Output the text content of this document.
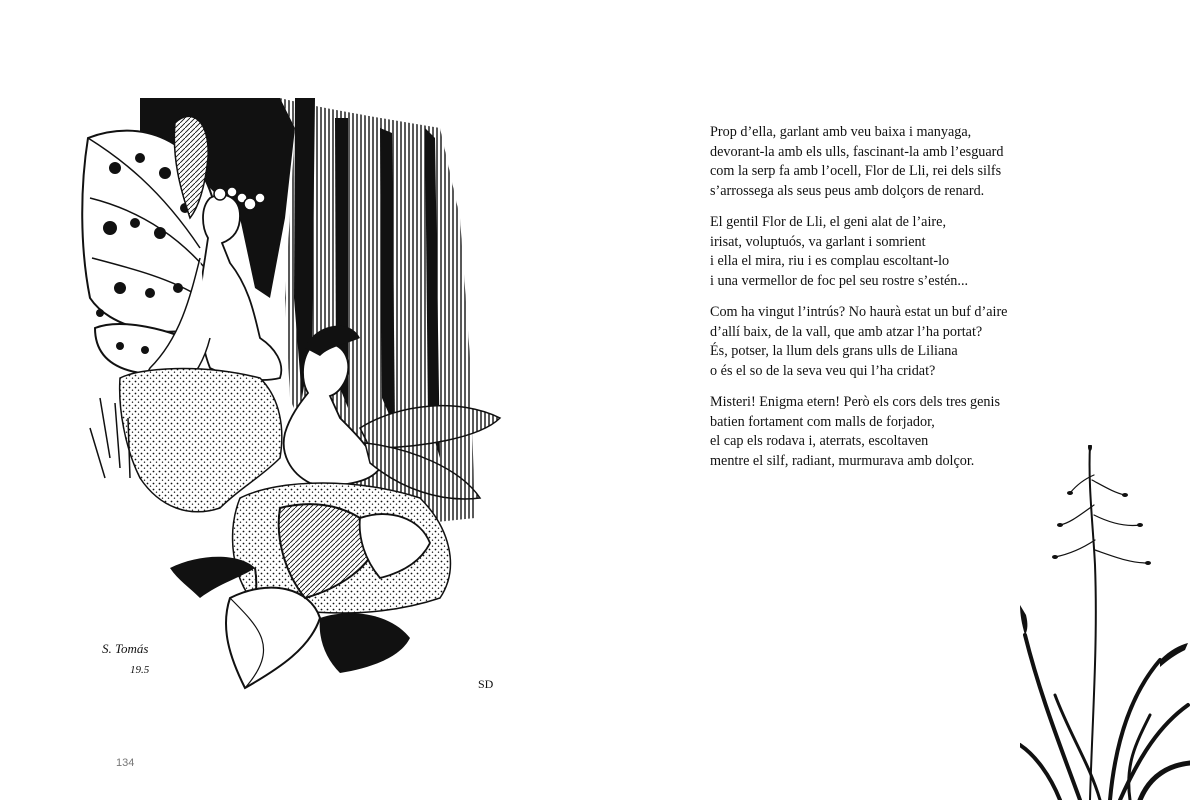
S. Tomás
19.5
SD
134
Prop d’ella, garlant amb veu baixa i manyaga,
devorant-la amb els ulls, fascinant-la amb l’esguard
com la serp fa amb l’ocell, Flor de Lli, rei dels silfs
s’arrossega als seus peus amb dolçors de renard.
El gentil Flor de Lli, el geni alat de l’aire,
irisat, voluptuós, va garlant i somrient
i ella el mira, riu i es complau escoltant-lo
i una vermellor de foc pel seu rostre s’estén...
Com ha vingut l’intrús? No haurà estat un buf d’aire
d’allí baix, de la vall, que amb atzar l’ha portat?
És, potser, la llum dels grans ulls de Liliana
o és el so de la seva veu qui l’ha cridat?
Misteri! Enigma etern! Però els cors dels tres genis
batien fortament com malls de forjador,
el cap els rodava i, aterrats, escoltaven
mentre el silf, radiant, murmurava amb dolçor.
